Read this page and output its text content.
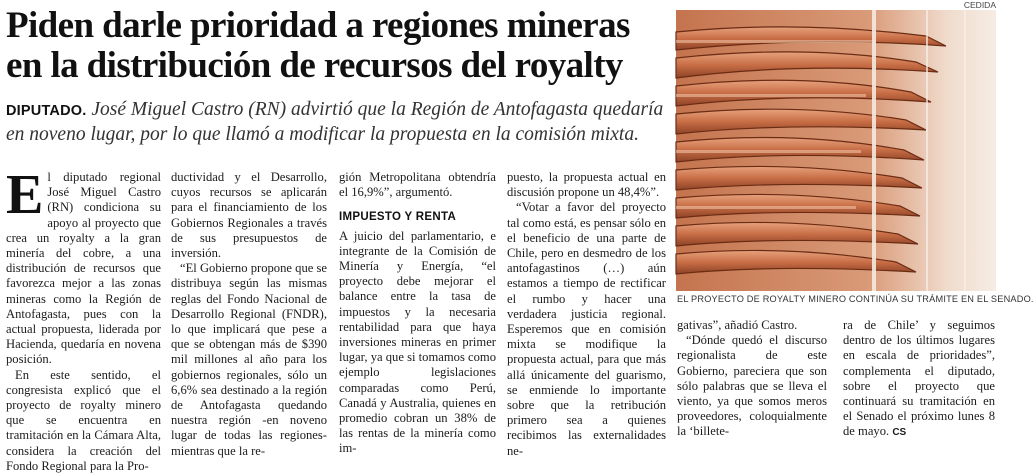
Piden darle prioridad a regiones mineras en la distribución de recursos del royalty
DIPUTADO. José Miguel Castro (RN) advirtió que la Región de Antofagasta quedaría en noveno lugar, por lo que llamó a modificar la propuesta en la comisión mixta.

El diputado regional José Miguel Castro (RN) condiciona su apoyo al proyecto que crea un royalty a la gran minería del cobre, a una distribución de recursos que favorezca mejor a las zonas mineras como la Región de Antofagasta, pues con la actual propuesta, liderada por Hacienda, quedaría en novena posición.

En este sentido, el congresista explicó que el proyecto de royalty minero que se encuentra en tramitación en la Cámara Alta, considera la creación del Fondo Regional para la Pro-

ductividad y el Desarrollo, cuyos recursos se aplicarán para el financiamiento de los Gobiernos Regionales a través de sus presupuestos de inversión.

“El Gobierno propone que se distribuya según las mismas reglas del Fondo Nacional de Desarrollo Regional (FNDR), lo que implicará que pese a que se obtengan más de $390 mil millones al año para los gobiernos regionales, sólo un 6,6% sea destinado a la región de Antofagasta quedando nuestra región -en noveno lugar de todas las regiones- mientras que la re-

gión Metropolitana obtendría el 16,9%”, argumentó.

IMPUESTO Y RENTA

A juicio del parlamentario, e integrante de la Comisión de Minería y Energía, “el proyecto debe mejorar el balance entre la tasa de impuestos y la necesaria rentabilidad para que haya inversiones mineras en primer lugar, ya que si tomamos como ejemplo legislaciones comparadas como Perú, Canadá y Australia, quienes en promedio cobran un 38% de las rentas de la minería como im-

puesto, la propuesta actual en discusión propone un 48,4%”.

“Votar a favor del proyecto tal como está, es pensar sólo en el beneficio de una parte de Chile, pero en desmedro de los antofagastinos (…) aún estamos a tiempo de rectificar el rumbo y hacer una verdadera justicia regional. Esperemos que en comisión mixta se modifique la propuesta actual, para que más allá únicamente del guarismo, se enmiende lo importante sobre que la retribución primero sea a quienes recibimos las externalidades ne-

CEDIDA
EL PROYECTO DE ROYALTY MINERO CONTINÚA SU TRÁMITE EN EL SENADO.

gativas”, añadió Castro.

“Dónde quedó el discurso regionalista de este Gobierno, pareciera que son sólo palabras que se lleva el viento, ya que somos meros proveedores, coloquialmente la ‘billete-

ra de Chile’ y seguimos dentro de los últimos lugares en escala de prioridades”, complementa el diputado, sobre el proyecto que continuará su tramitación en el Senado el próximo lunes 8 de mayo. CS
